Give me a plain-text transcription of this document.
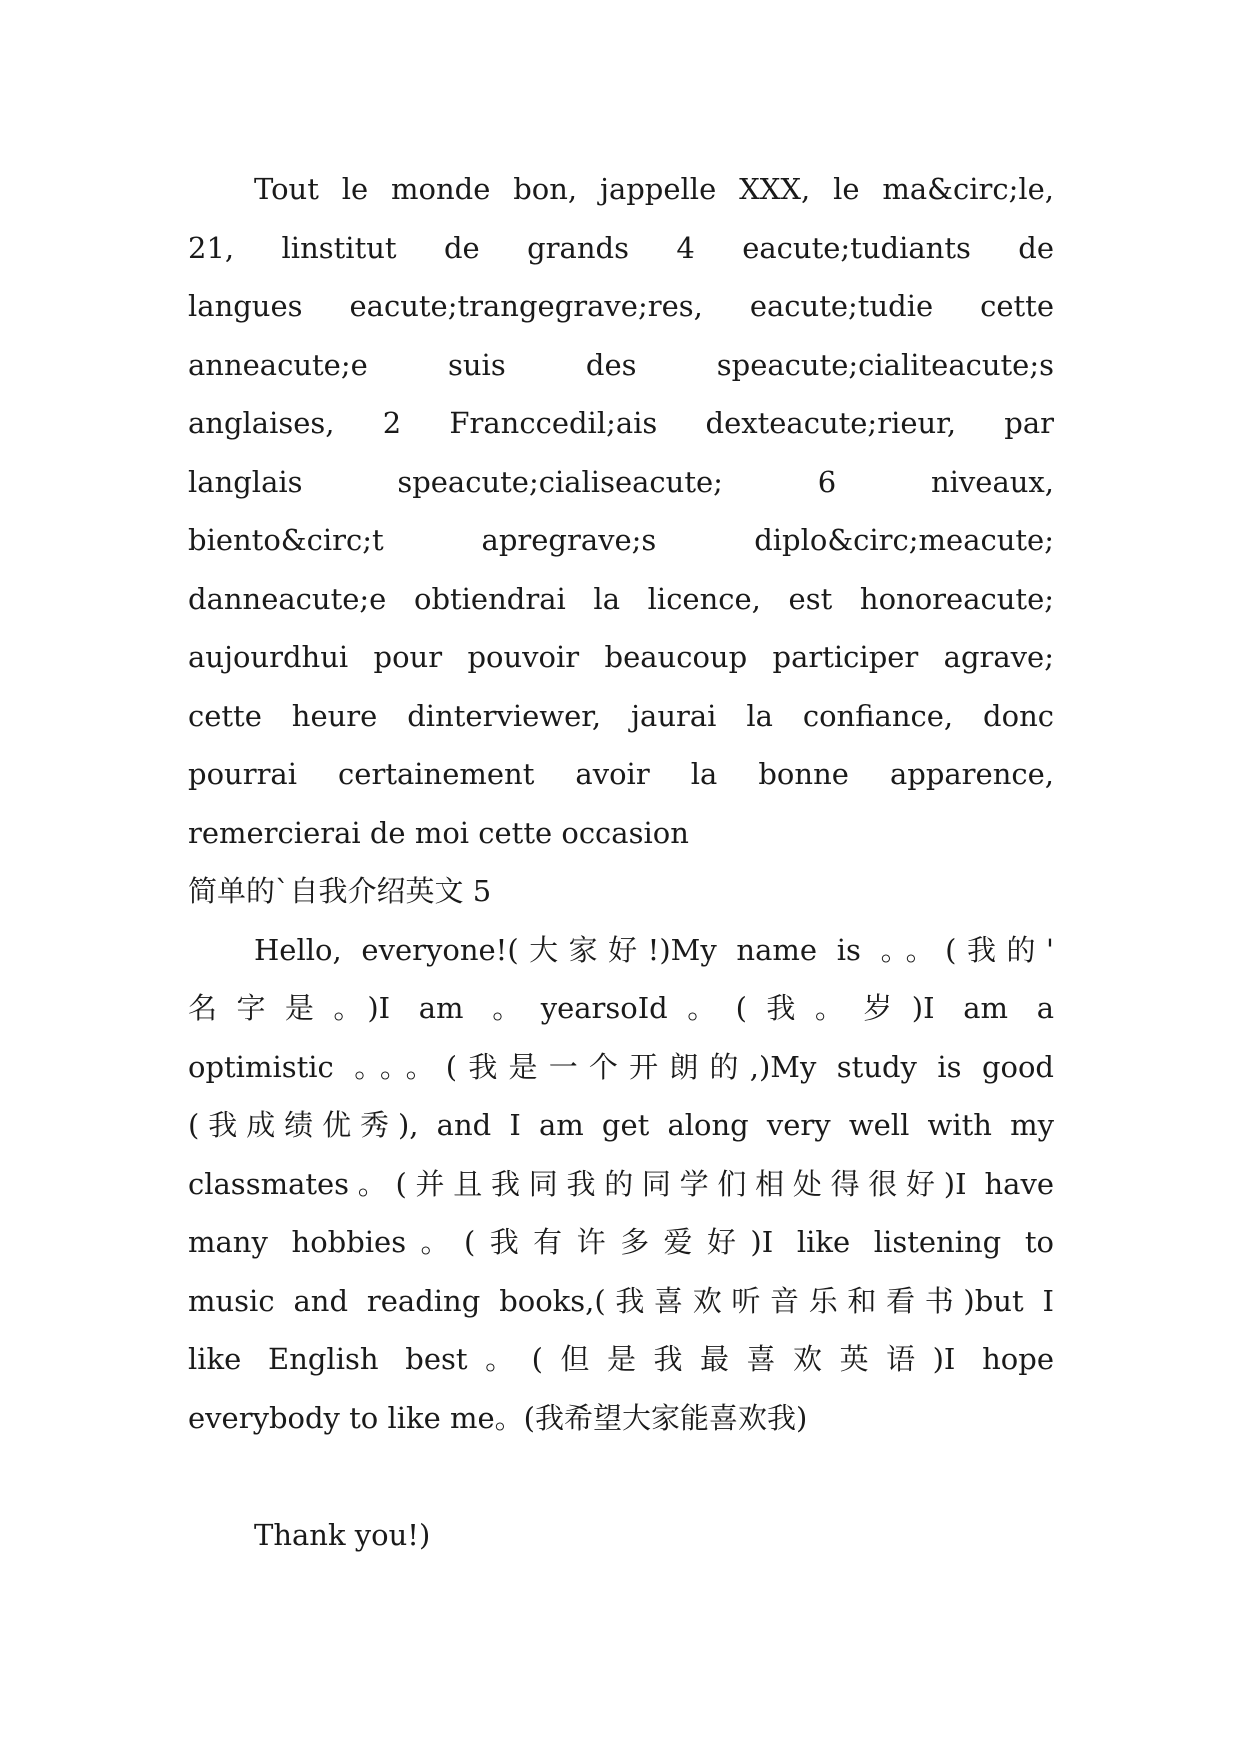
Tout le monde bon, jappelle XXX, le ma&circ;le,
21, linstitut de grands 4 eacute;tudiants de
langues eacute;trangegrave;res, eacute;tudie cette
anneacute;e suis des speacute;cialiteacute;s
anglaises, 2 Franccedil;ais dexteacute;rieur, par
langlais speacute;cialiseacute; 6 niveaux,
biento&circ;t apregrave;s diplo&circ;meacute;
danneacute;e obtiendrai la licence, est honoreacute;
aujourdhui pour pouvoir beaucoup participer agrave;
cette heure dinterviewer, jaurai la confiance, donc
pourrai certainement avoir la bonne apparence,
remercierai de moi cette occasion
简单的`自我介绍英文 5
Hello, everyone!(大家好!)My name is 。。(我的'
名字是。)I am 。yearsoId。(我。岁)I am a
optimistic 。。。(我是一个开朗的,)My study is good
(我成绩优秀), and I am get along very well with my
classmates。(并且我同我的同学们相处得很好)I have
many hobbies。(我有许多爱好)I like listening to
music and reading books,(我喜欢听音乐和看书)but I
like English best。(但是我最喜欢英语)I hope
everybody to like me。(我希望大家能喜欢我)
Thank you!)
